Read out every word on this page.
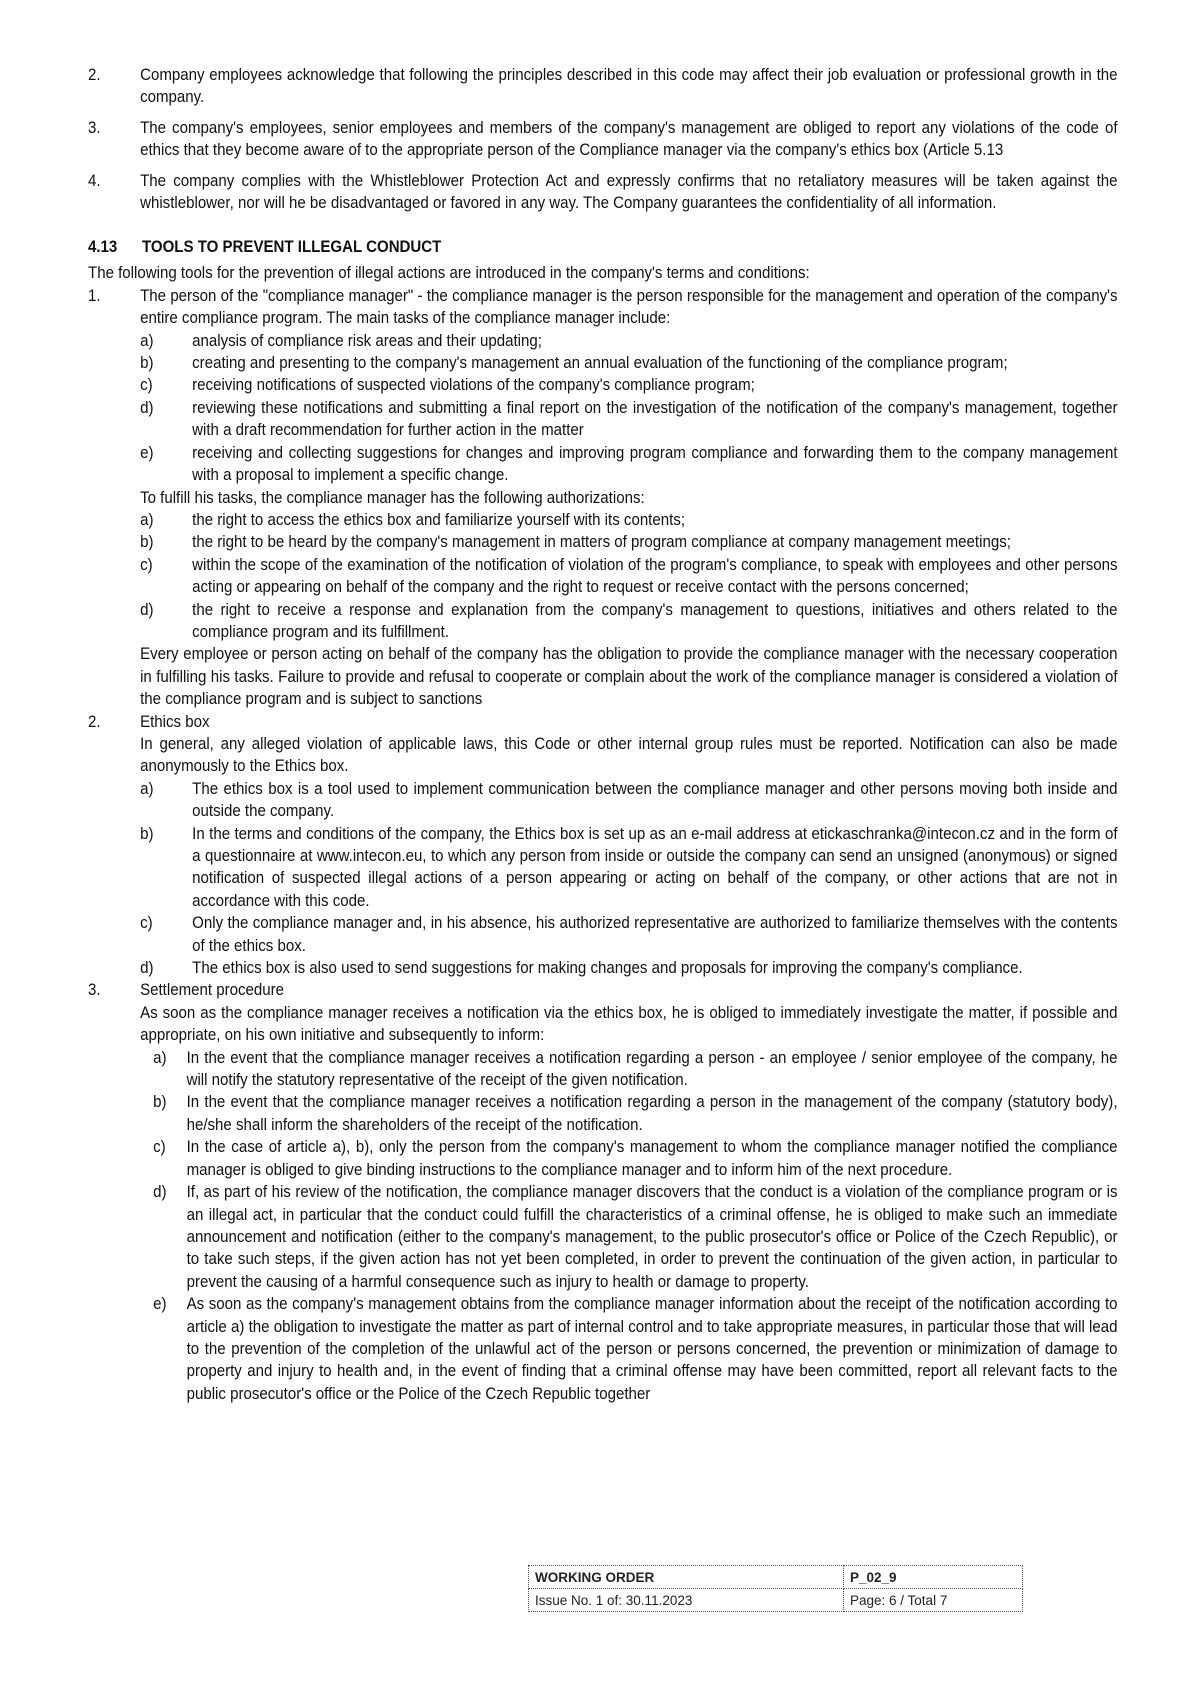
2.	Company employees acknowledge that following the principles described in this code may affect their job evaluation or professional growth in the company.
3.	The company's employees, senior employees and members of the company's management are obliged to report any violations of the code of ethics that they become aware of to the appropriate person of the Compliance manager via the company's ethics box (Article 5.13
4.	The company complies with the Whistleblower Protection Act and expressly confirms that no retaliatory measures will be taken against the whistleblower, nor will he be disadvantaged or favored in any way. The Company guarantees the confidentiality of all information.
4.13	TOOLS TO PREVENT ILLEGAL CONDUCT
The following tools for the prevention of illegal actions are introduced in the company's terms and conditions:
1.	The person of the "compliance manager" - the compliance manager is the person responsible for the management and operation of the company's entire compliance program. The main tasks of the compliance manager include:
a)	analysis of compliance risk areas and their updating;
b)	creating and presenting to the company's management an annual evaluation of the functioning of the compliance program;
c)	receiving notifications of suspected violations of the company's compliance program;
d)	reviewing these notifications and submitting a final report on the investigation of the notification of the company's management, together with a draft recommendation for further action in the matter
e)	receiving and collecting suggestions for changes and improving program compliance and forwarding them to the company management with a proposal to implement a specific change.
To fulfill his tasks, the compliance manager has the following authorizations:
a)	the right to access the ethics box and familiarize yourself with its contents;
b)	the right to be heard by the company's management in matters of program compliance at company management meetings;
c)	within the scope of the examination of the notification of violation of the program's compliance, to speak with employees and other persons acting or appearing on behalf of the company and the right to request or receive contact with the persons concerned;
d)	the right to receive a response and explanation from the company's management to questions, initiatives and others related to the compliance program and its fulfillment.
Every employee or person acting on behalf of the company has the obligation to provide the compliance manager with the necessary cooperation in fulfilling his tasks. Failure to provide and refusal to cooperate or complain about the work of the compliance manager is considered a violation of the compliance program and is subject to sanctions
2.	Ethics box
In general, any alleged violation of applicable laws, this Code or other internal group rules must be reported. Notification can also be made anonymously to the Ethics box.
a)	The ethics box is a tool used to implement communication between the compliance manager and other persons moving both inside and outside the company.
b)	In the terms and conditions of the company, the Ethics box is set up as an e-mail address at etickaschranka@intecon.cz and in the form of a questionnaire at www.intecon.eu, to which any person from inside or outside the company can send an unsigned (anonymous) or signed notification of suspected illegal actions of a person appearing or acting on behalf of the company, or other actions that are not in accordance with this code.
c)	Only the compliance manager and, in his absence, his authorized representative are authorized to familiarize themselves with the contents of the ethics box.
d)	The ethics box is also used to send suggestions for making changes and proposals for improving the company's compliance.
3.	Settlement procedure
As soon as the compliance manager receives a notification via the ethics box, he is obliged to immediately investigate the matter, if possible and appropriate, on his own initiative and subsequently to inform:
a)	In the event that the compliance manager receives a notification regarding a person - an employee / senior employee of the company, he will notify the statutory representative of the receipt of the given notification.
b)	In the event that the compliance manager receives a notification regarding a person in the management of the company (statutory body), he/she shall inform the shareholders of the receipt of the notification.
c)	In the case of article a), b), only the person from the company's management to whom the compliance manager notified the compliance manager is obliged to give binding instructions to the compliance manager and to inform him of the next procedure.
d)	If, as part of his review of the notification, the compliance manager discovers that the conduct is a violation of the compliance program or is an illegal act, in particular that the conduct could fulfill the characteristics of a criminal offense, he is obliged to make such an immediate announcement and notification (either to the company's management, to the public prosecutor's office or Police of the Czech Republic), or to take such steps, if the given action has not yet been completed, in order to prevent the continuation of the given action, in particular to prevent the causing of a harmful consequence such as injury to health or damage to property.
e)	As soon as the company's management obtains from the compliance manager information about the receipt of the notification according to article a) the obligation to investigate the matter as part of internal control and to take appropriate measures, in particular those that will lead to the prevention of the completion of the unlawful act of the person or persons concerned, the prevention or minimization of damage to property and injury to health and, in the event of finding that a criminal offense may have been committed, report all relevant facts to the public prosecutor's office or the Police of the Czech Republic together
WORKING ORDER	P_02_9
Issue No. 1 of: 30.11.2023	Page: 6 / Total 7
